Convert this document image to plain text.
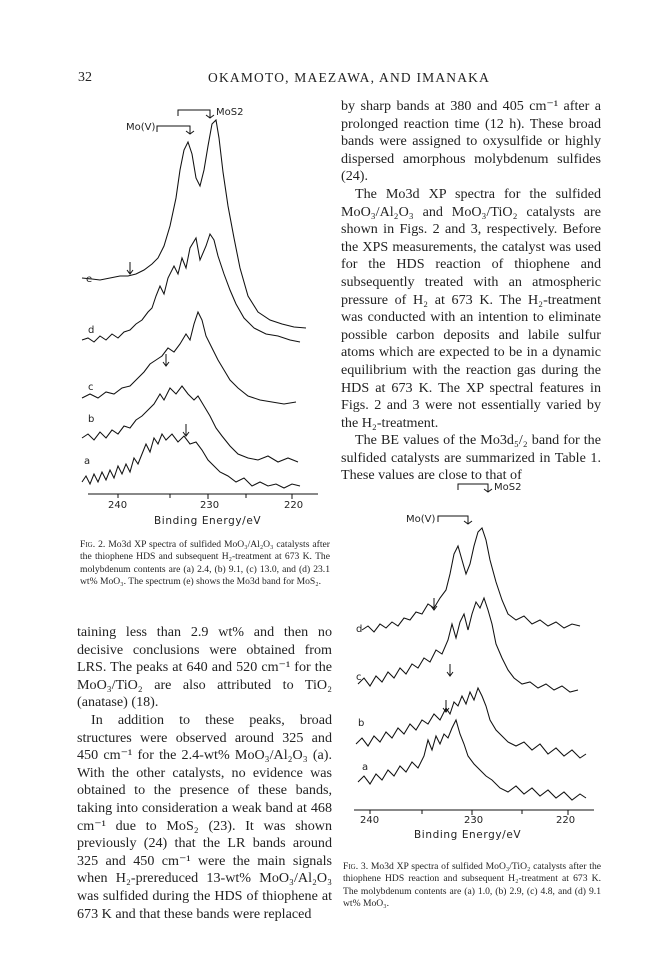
32	OKAMOTO, MAEZAWA, AND IMANAKA
MoS2
Mo(V)
e
d
c
b
a
240	230	220
Binding Energy/eV
Fig. 2. Mo3d XP spectra of sulfided MoO₃/Al₂O₃ catalysts after the thiophene HDS and subsequent H₂-treatment at 673 K. The molybdenum contents are (a) 2.4, (b) 9.1, (c) 13.0, and (d) 23.1 wt% MoO₃. The spectrum (e) shows the Mo3d band for MoS₂.

by sharp bands at 380 and 405 cm⁻¹ after a prolonged reaction time (12 h). These broad bands were assigned to oxysulfide or highly dispersed amorphous molybdenum sulfides (24).

The Mo3d XP spectra for the sulfided MoO₃/Al₂O₃ and MoO₃/TiO₂ catalysts are shown in Figs. 2 and 3, respectively. Before the XPS measurements, the catalyst was used for the HDS reaction of thiophene and subsequently treated with an atmospheric pressure of H₂ at 673 K. The H₂-treatment was conducted with an intention to eliminate possible carbon deposits and labile sulfur atoms which are expected to be in a dynamic equilibrium with the reaction gas during the HDS at 673 K. The XP spectral features in Figs. 2 and 3 were not essentially varied by the H₂-treatment.

The BE values of the Mo3d₅/₂ band for the sulfided catalysts are summarized in Table 1. These values are close to that of

taining less than 2.9 wt% and then no decisive conclusions were obtained from LRS. The peaks at 640 and 520 cm⁻¹ for the MoO₃/TiO₂ are also attributed to TiO₂ (anatase) (18).

In addition to these peaks, broad structures were observed around 325 and 450 cm⁻¹ for the 2.4-wt% MoO₃/Al₂O₃ (a). With the other catalysts, no evidence was obtained to the presence of these bands, taking into consideration a weak band at 468 cm⁻¹ due to MoS₂ (23). It was shown previously (24) that the LR bands around 325 and 450 cm⁻¹ were the main signals when H₂-prereduced 13-wt% MoO₃/Al₂O₃ was sulfided during the HDS of thiophene at 673 K and that these bands were replaced

MoS2
Mo(V)
d
c
b
a
240	230	220
Binding Energy/eV
Fig. 3. Mo3d XP spectra of sulfided MoO₃/TiO₂ catalysts after the thiophene HDS reaction and subsequent H₂-treatment at 673 K. The molybdenum contents are (a) 1.0, (b) 2.9, (c) 4.8, and (d) 9.1 wt% MoO₃.
